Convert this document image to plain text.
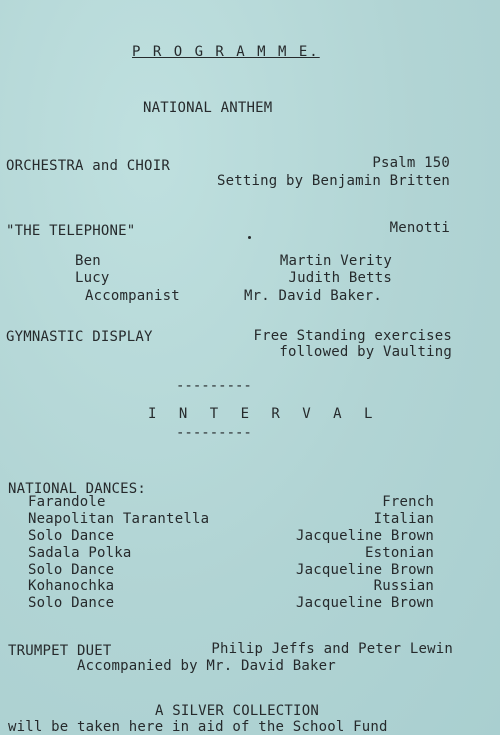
P R O G R A M M E.
NATIONAL ANTHEM
ORCHESTRA and CHOIR	Psalm 150
Setting by Benjamin Britten
"THE TELEPHONE"	Menotti
Ben	Martin Verity
Lucy	Judith Betts
Accompanist	Mr. David Baker.
GYMNASTIC DISPLAY	Free Standing exercises
followed by Vaulting
---------
I N T E R V A L
---------
NATIONAL DANCES:
Farandole	French
Neapolitan Tarantella	Italian
Solo Dance	Jacqueline Brown
Sadala Polka	Estonian
Solo Dance	Jacqueline Brown
Kohanochka	Russian
Solo Dance	Jacqueline Brown
TRUMPET DUET	Philip Jeffs and Peter Lewin
Accompanied by Mr. David Baker
A SILVER COLLECTION
will be taken here in aid of the School Fund
